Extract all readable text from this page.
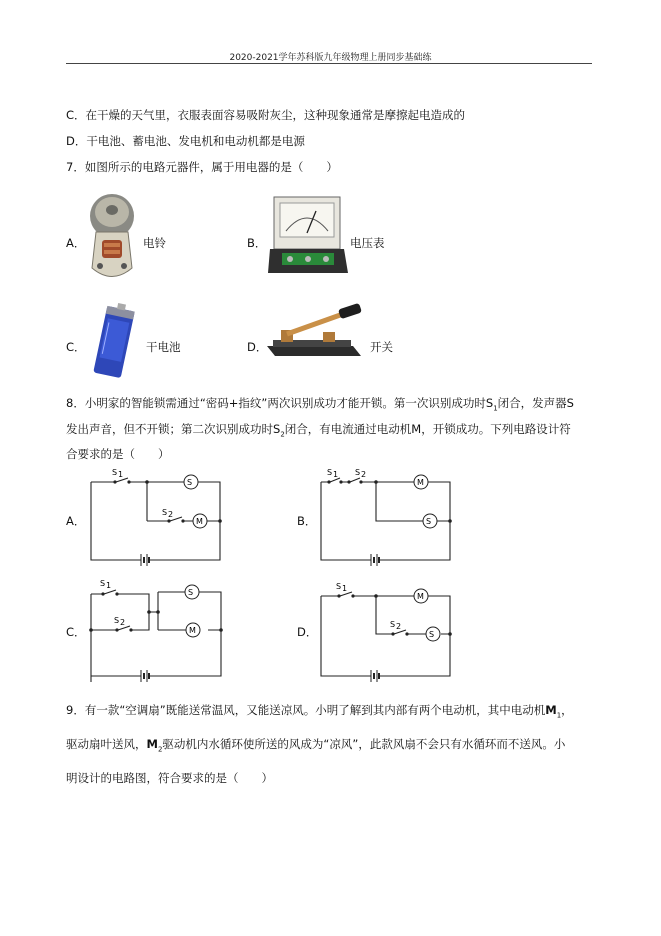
2020-2021学年苏科版九年级物理上册同步基础练
C．在干燥的天气里，衣服表面容易吸附灰尘，这种现象通常是摩擦起电造成的
D．干电池、蓄电池、发电机和电动机都是电源
7．如图所示的电路元器件，属于用电器的是（　　）
A．	电铃	B．	电压表
C．	干电池	D．	开关
8．小明家的智能锁需通过“密码+指纹”两次识别成功才能开锁。第一次识别成功时$S_1$闭合，发声器S
发出声音，但不开锁；第二次识别成功时$S_2$闭合，有电流通过电动机M，开锁成功。下列电路设计符
合要求的是（　　）
A．	B．
C．	D．
S
M
S 1
S 2
M
S
S 1 S 2
S
M
S 1
S 2
M
S
S 1
S 2
9．有一款“空调扇”既能送常温风，又能送凉风。小明了解到其内部有两个电动机，其中电动机$M_1$，
驱动扇叶送风，$M_2$驱动机内水循环使所送的风成为“凉风”，此款风扇不会只有水循环而不送风。小
明设计的电路图，符合要求的是（　　）
